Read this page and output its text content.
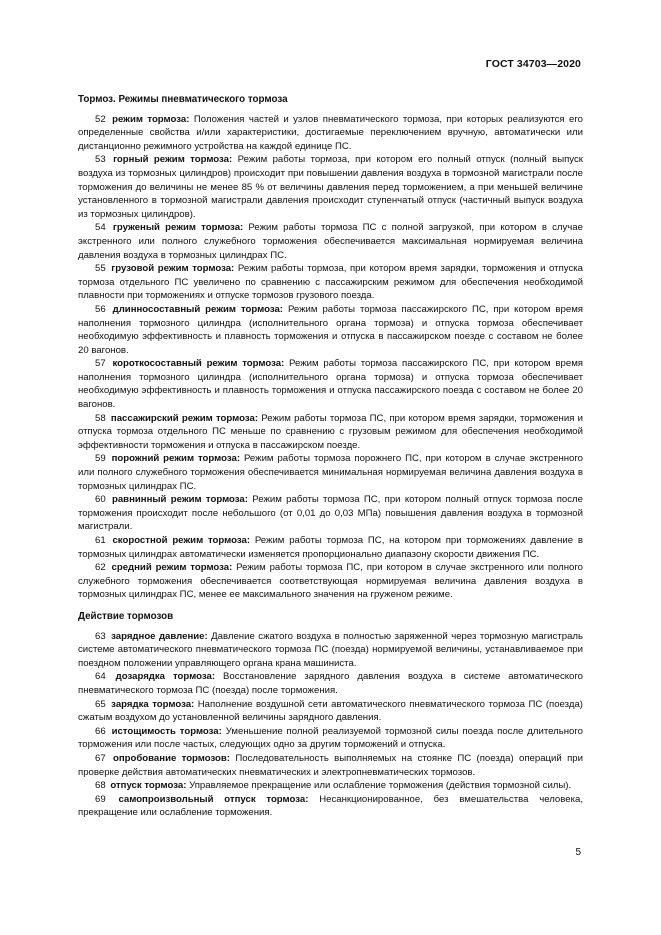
ГОСТ 34703—2020
Тормоз. Режимы пневматического тормоза

52 режим тормоза: Положения частей и узлов пневматического тормоза, при которых реализуются его определенные свойства и/или характеристики, достигаемые переключением вручную, автоматически или дистанционно режимного устройства на каждой единице ПС.

53 горный режим тормоза: Режим работы тормоза, при котором его полный отпуск (полный выпуск воздуха из тормозных цилиндров) происходит при повышении давления воздуха в тормозной магистрали после торможения до величины не менее 85 % от величины давления перед торможением, а при меньшей величине установленного в тормозной магистрали давления происходит ступенчатый отпуск (частичный выпуск воздуха из тормозных цилиндров).

54 груженый режим тормоза: Режим работы тормоза ПС с полной загрузкой, при котором в случае экстренного или полного служебного торможения обеспечивается максимальная нормируемая величина давления воздуха в тормозных цилиндрах ПС.

55 грузовой режим тормоза: Режим работы тормоза, при котором время зарядки, торможения и отпуска тормоза отдельного ПС увеличено по сравнению с пассажирским режимом для обеспечения необходимой плавности при торможениях и отпуске тормозов грузового поезда.

56 длинносоставный режим тормоза: Режим работы тормоза пассажирского ПС, при котором время наполнения тормозного цилиндра (исполнительного органа тормоза) и отпуска тормоза обеспечивает необходимую эффективность и плавность торможения и отпуска в пассажирском поезде с составом не более 20 вагонов.

57 короткосоставный режим тормоза: Режим работы тормоза пассажирского ПС, при котором время наполнения тормозного цилиндра (исполнительного органа тормоза) и отпуска тормоза обеспечивает необходимую эффективность и плавность торможения и отпуска пассажирского поезда с составом не более 20 вагонов.

58 пассажирский режим тормоза: Режим работы тормоза ПС, при котором время зарядки, торможения и отпуска тормоза отдельного ПС меньше по сравнению с грузовым режимом для обеспечения необходимой эффективности торможения и отпуска в пассажирском поезде.

59 порожний режим тормоза: Режим работы тормоза порожнего ПС, при котором в случае экстренного или полного служебного торможения обеспечивается минимальная нормируемая величина давления воздуха в тормозных цилиндрах ПС.

60 равнинный режим тормоза: Режим работы тормоза ПС, при котором полный отпуск тормоза после торможения происходит после небольшого (от 0,01 до 0,03 МПа) повышения давления воздуха в тормозной магистрали.

61 скоростной режим тормоза: Режим работы тормоза ПС, на котором при торможениях давление в тормозных цилиндрах автоматически изменяется пропорционально диапазону скорости движения ПС.

62 средний режим тормоза: Режим работы тормоза ПС, при котором в случае экстренного или полного служебного торможения обеспечивается соответствующая нормируемая величина давления воздуха в тормозных цилиндрах ПС, менее ее максимального значения на груженом режиме.

Действие тормозов

63 зарядное давление: Давление сжатого воздуха в полностью заряженной через тормозную магистраль системе автоматического пневматического тормоза ПС (поезда) нормируемой величины, устанавливаемое при поездном положении управляющего органа крана машиниста.

64 дозарядка тормоза: Восстановление зарядного давления воздуха в системе автоматического пневматического тормоза ПС (поезда) после торможения.

65 зарядка тормоза: Наполнение воздушной сети автоматического пневматического тормоза ПС (поезда) сжатым воздухом до установленной величины зарядного давления.

66 истощимость тормоза: Уменьшение полной реализуемой тормозной силы поезда после длительного торможения или после частых, следующих одно за другим торможений и отпуска.

67 опробование тормозов: Последовательность выполняемых на стоянке ПС (поезда) операций при проверке действия автоматических пневматических и электропневматических тормозов.

68 отпуск тормоза: Управляемое прекращение или ослабление торможения (действия тормозной силы).

69 самопроизвольный отпуск тормоза: Несанкционированное, без вмешательства человека, прекращение или ослабление торможения.

5
